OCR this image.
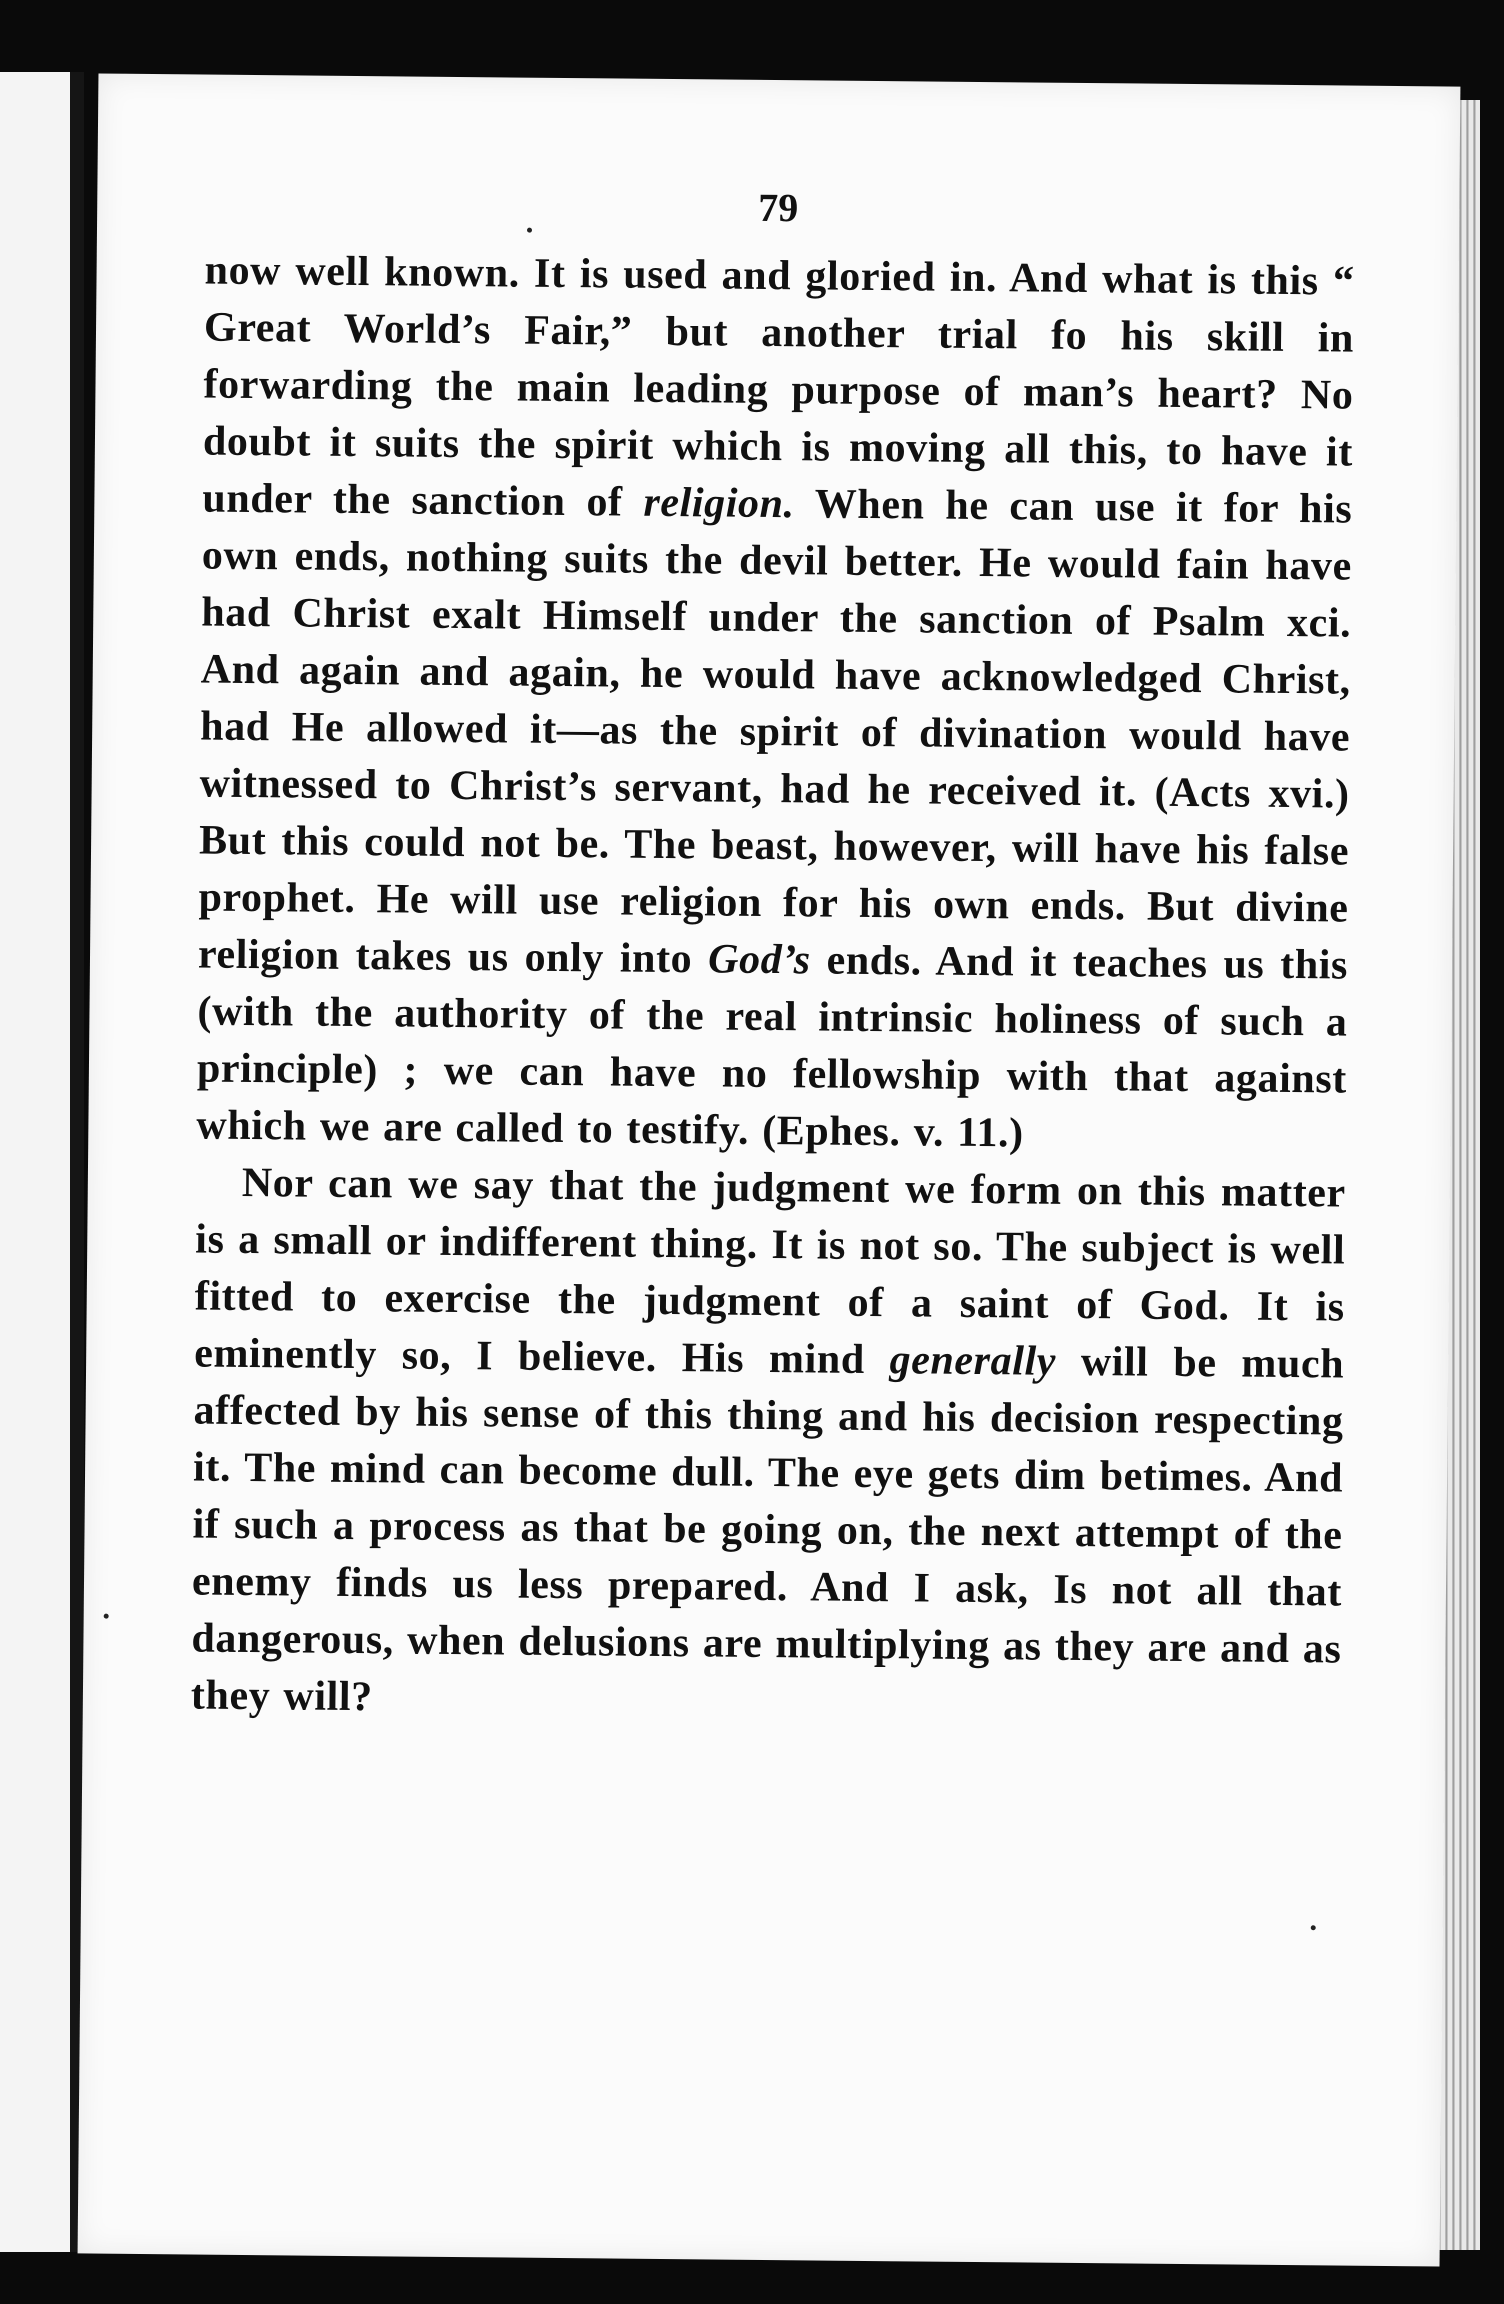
79

now well known. It is used and gloried in. And what is this “ Great World’s Fair,” but another trial fo his skill in forwarding the main leading purpose of man’s heart? No doubt it suits the spirit which is moving all this, to have it under the sanction of religion. When he can use it for his own ends, nothing suits the devil better. He would fain have had Christ exalt Himself under the sanction of Psalm xci. And again and again, he would have acknowledged Christ, had He allowed it—as the spirit of divination would have witnessed to Christ’s servant, had he received it. (Acts xvi.) But this could not be. The beast, however, will have his false prophet. He will use religion for his own ends. But divine religion takes us only into God’s ends. And it teaches us this (with the authority of the real intrinsic holiness of such a principle) ; we can have no fellowship with that against which we are called to testify. (Ephes. v. 11.)

Nor can we say that the judgment we form on this matter is a small or indifferent thing. It is not so. The subject is well fitted to exercise the judgment of a saint of God. It is eminently so, I believe. His mind generally will be much affected by his sense of this thing and his decision respecting it. The mind can become dull. The eye gets dim betimes. And if such a process as that be going on, the next attempt of the enemy finds us less prepared. And I ask, Is not all that dangerous, when delusions are multiplying as they are and as they will?
